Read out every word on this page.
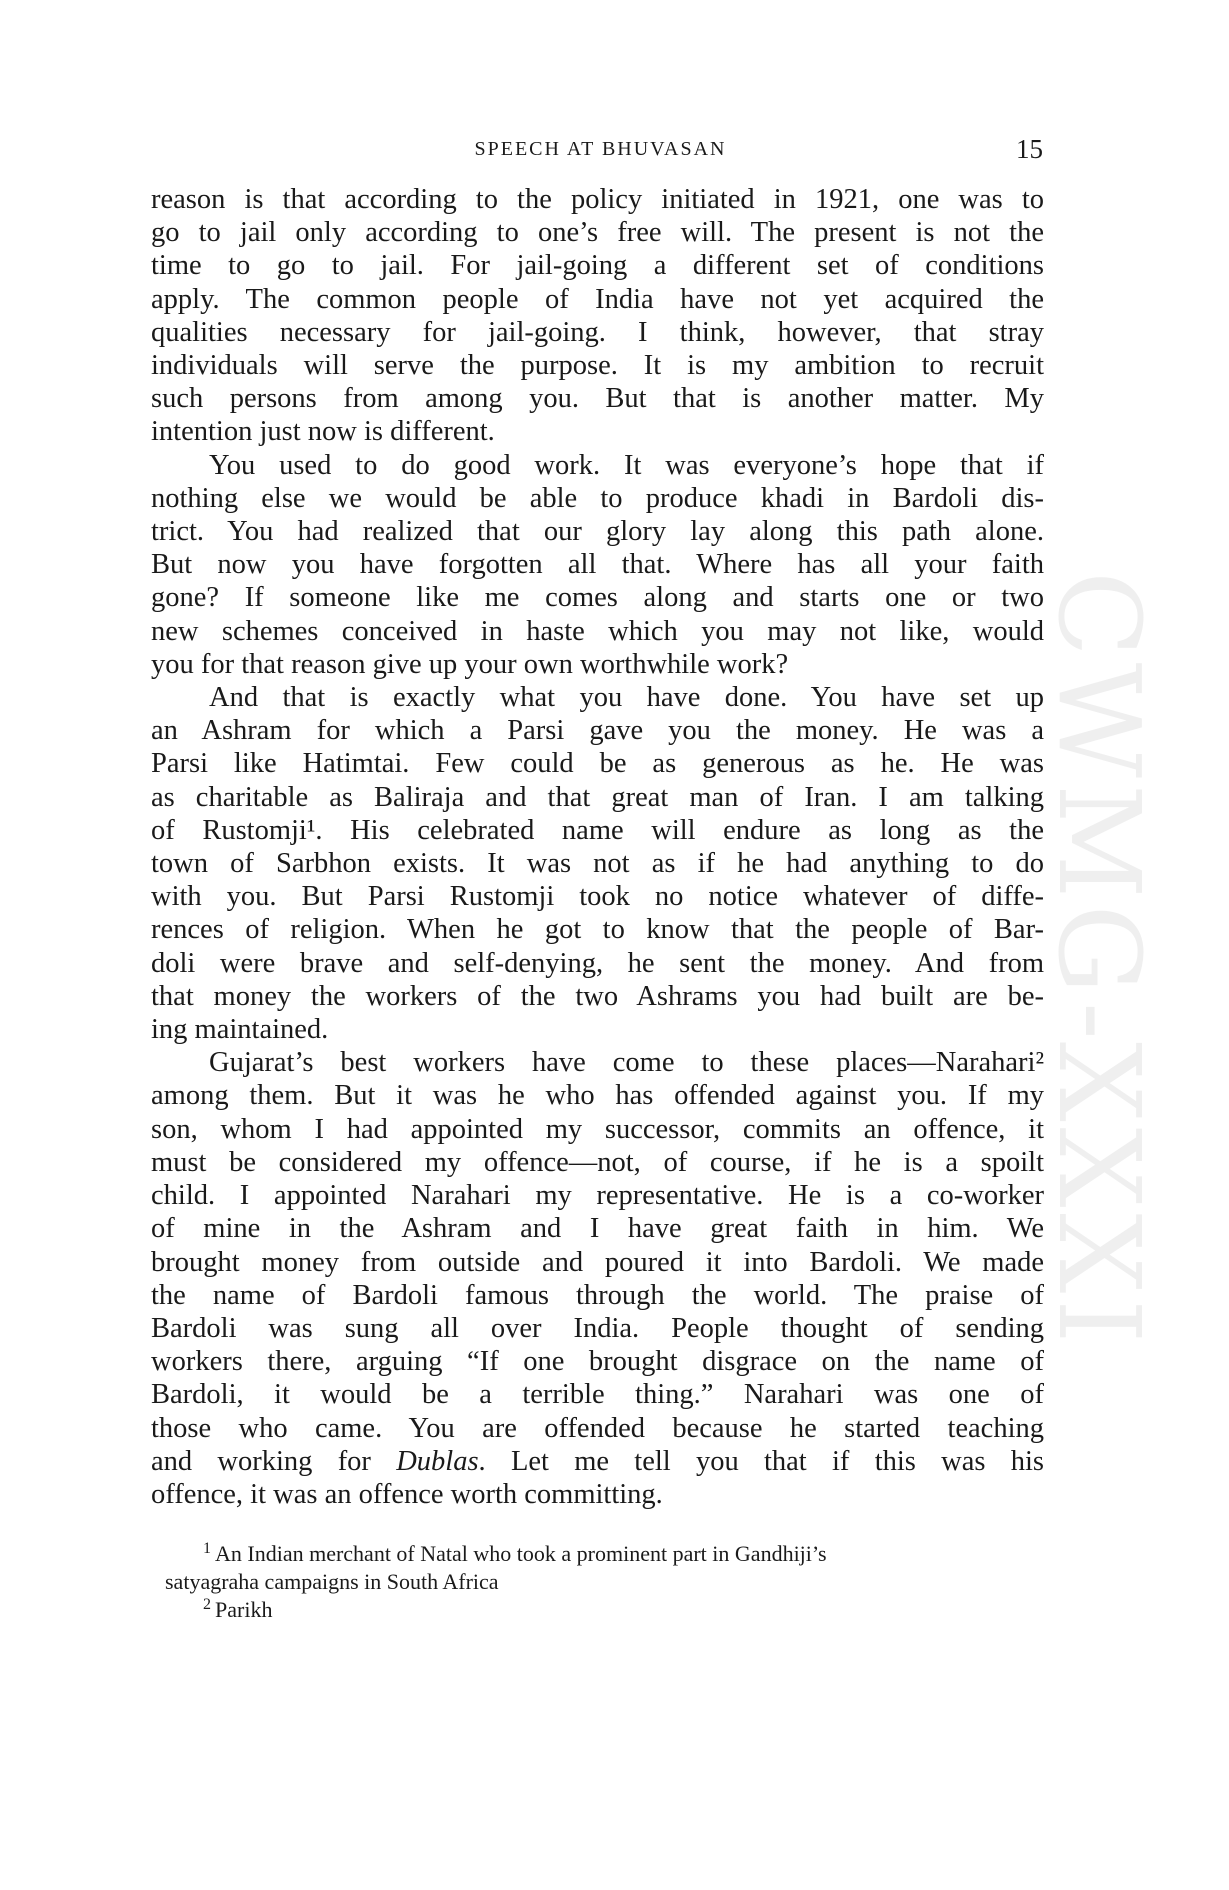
SPEECH AT BHUVASAN	15
CWMG-XXXI
reason is that according to the policy initiated in 1921, one was to
go to jail only according to one’s free will. The present is not the
time to go to jail. For jail-going a different set of conditions
apply. The common people of India have not yet acquired the
qualities necessary for jail-going. I think, however, that stray
individuals will serve the purpose. It is my ambition to recruit
such persons from among you. But that is another matter. My
intention just now is different.
You used to do good work. It was everyone’s hope that if
nothing else we would be able to produce khadi in Bardoli dis-
trict. You had realized that our glory lay along this path alone.
But now you have forgotten all that. Where has all your faith
gone? If someone like me comes along and starts one or two
new schemes conceived in haste which you may not like, would
you for that reason give up your own worthwhile work?
And that is exactly what you have done. You have set up
an Ashram for which a Parsi gave you the money. He was a
Parsi like Hatimtai. Few could be as generous as he. He was
as charitable as Baliraja and that great man of Iran. I am talking
of Rustomji¹. His celebrated name will endure as long as the
town of Sarbhon exists. It was not as if he had anything to do
with you. But Parsi Rustomji took no notice whatever of diffe-
rences of religion. When he got to know that the people of Bar-
doli were brave and self-denying, he sent the money. And from
that money the workers of the two Ashrams you had built are be-
ing maintained.
Gujarat’s best workers have come to these places—Narahari²
among them. But it was he who has offended against you. If my
son, whom I had appointed my successor, commits an offence, it
must be considered my offence—not, of course, if he is a spoilt
child. I appointed Narahari my representative. He is a co-worker
of mine in the Ashram and I have great faith in him. We
brought money from outside and poured it into Bardoli. We made
the name of Bardoli famous through the world. The praise of
Bardoli was sung all over India. People thought of sending
workers there, arguing “If one brought disgrace on the name of
Bardoli, it would be a terrible thing.” Narahari was one of
those who came. You are offended because he started teaching
and working for Dublas. Let me tell you that if this was his
offence, it was an offence worth committing.
$^1$ An Indian merchant of Natal who took a prominent part in Gandhiji’s
satyagraha campaigns in South Africa
$^2$ Parikh
